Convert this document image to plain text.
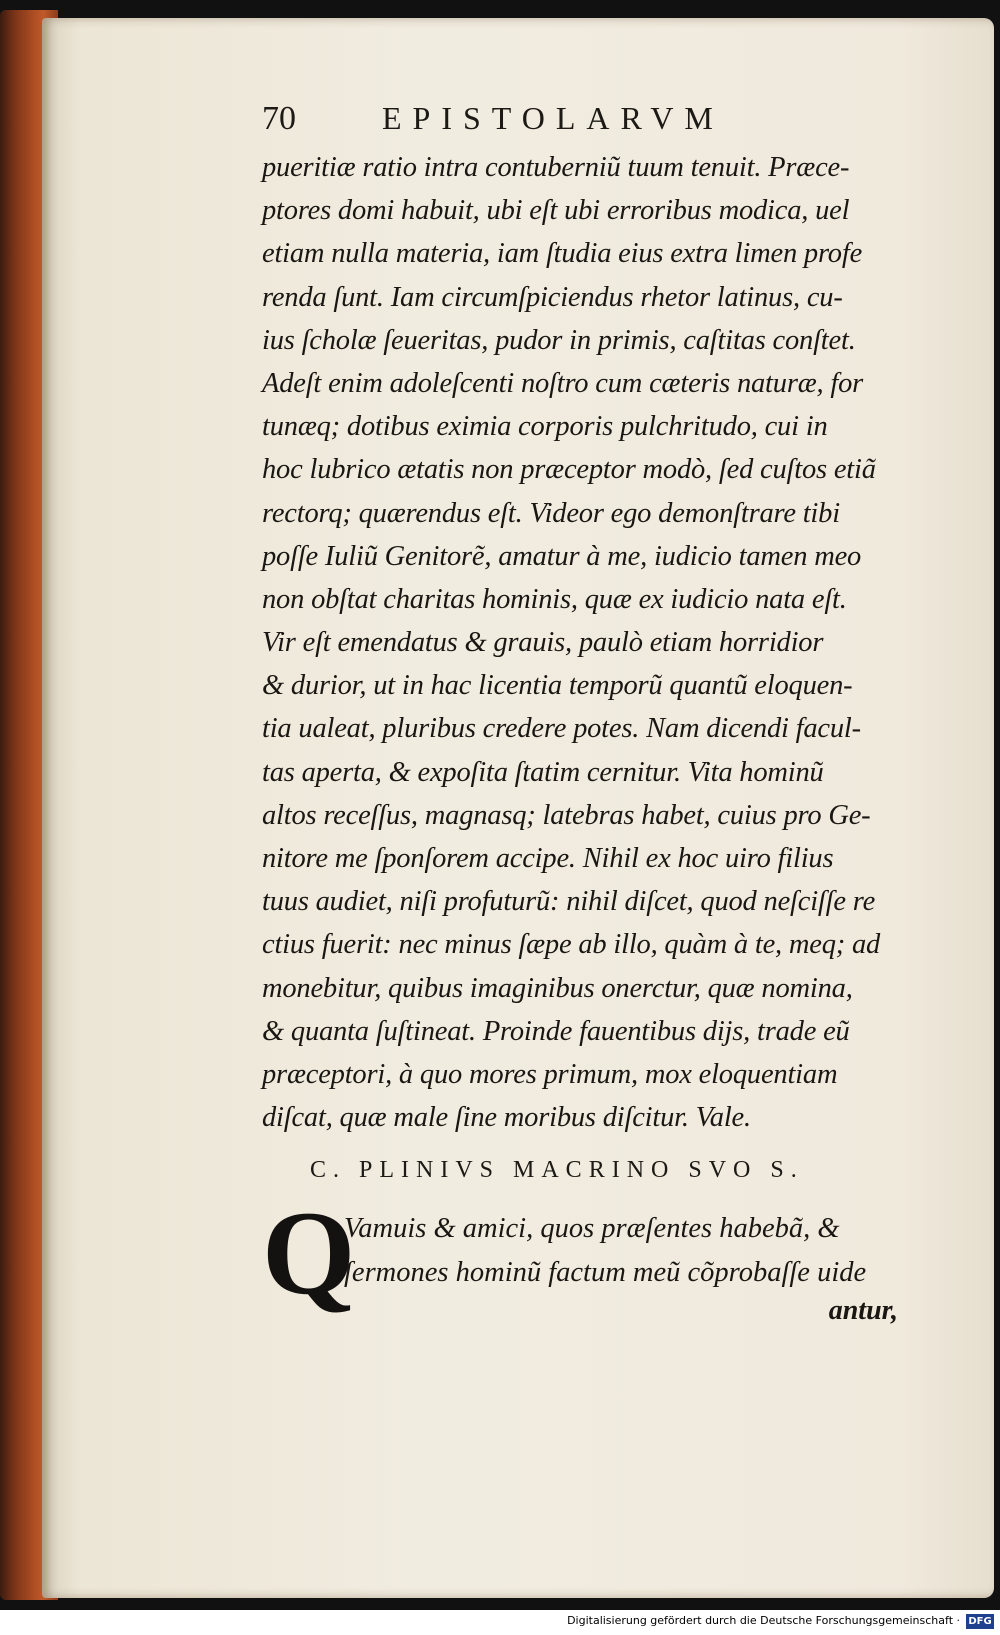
70	EPISTOLARVM
pueritiæ ratio intra contuberniũ tuum tenuit. Præce-
ptores domi habuit, ubi eſt ubi erroribus modica, uel
etiam nulla materia, iam ſtudia eius extra limen profe
renda ſunt. Iam circumſpiciendus rhetor latinus, cu-
ius ſcholæ ſeueritas, pudor in primis, caſtitas conſtet.
Adeſt enim adoleſcenti noſtro cum cæteris naturæ, for
tunæq; dotibus eximia corporis pulchritudo, cui in
hoc lubrico ætatis non præceptor modò, ſed cuſtos etiã
rectorq; quærendus eſt. Videor ego demonſtrare tibi
poſſe Iuliũ Genitorẽ, amatur à me, iudicio tamen meo
non obſtat charitas hominis, quæ ex iudicio nata eſt.
Vir eſt emendatus & grauis, paulò etiam horridior
& durior, ut in hac licentia temporũ quantũ eloquen-
tia ualeat, pluribus credere potes. Nam dicendi facul-
tas aperta, & expoſita ſtatim cernitur. Vita hominũ
altos receſſus, magnasq; latebras habet, cuius pro Ge-
nitore me ſponſorem accipe. Nihil ex hoc uiro filius
tuus audiet, niſi profuturũ: nihil diſcet, quod neſciſſe re
ctius fuerit: nec minus ſæpe ab illo, quàm à te, meq; ad
monebitur, quibus imaginibus onerctur, quæ nomina,
& quanta ſuſtineat. Proinde fauentibus dijs, trade eũ
præceptori, à quo mores primum, mox eloquentiam
diſcat, quæ male ſine moribus diſcitur. Vale.
C. PLINIVS MACRINO SVO S.
Q
Vamuis & amici, quos præſentes habebã, &
ſermones hominũ factum meũ cõprobaſſe uide
antur,
Digitalisierung gefördert durch die Deutsche Forschungsgemeinschaft · DFG
